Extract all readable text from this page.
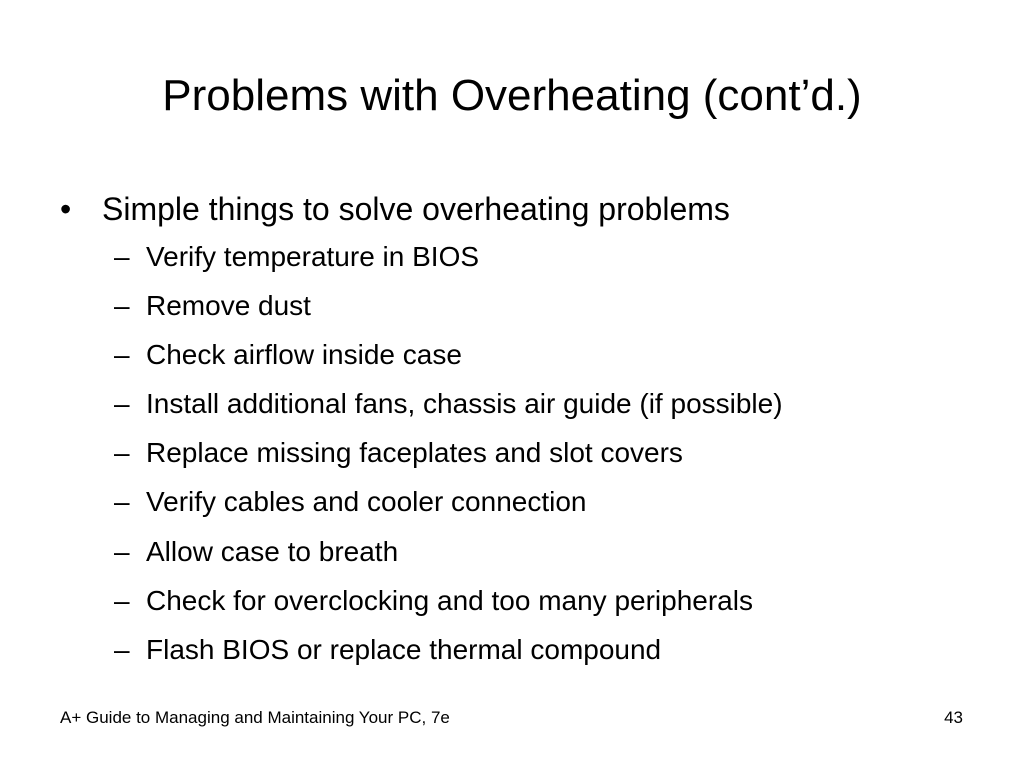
Problems with Overheating (cont’d.)
• Simple things to solve overheating problems
– Verify temperature in BIOS
– Remove dust
– Check airflow inside case
– Install additional fans, chassis air guide (if possible)
– Replace missing faceplates and slot covers
– Verify cables and cooler connection
– Allow case to breath
– Check for overclocking and too many peripherals
– Flash BIOS or replace thermal compound
A+ Guide to Managing and Maintaining Your PC, 7e	43
